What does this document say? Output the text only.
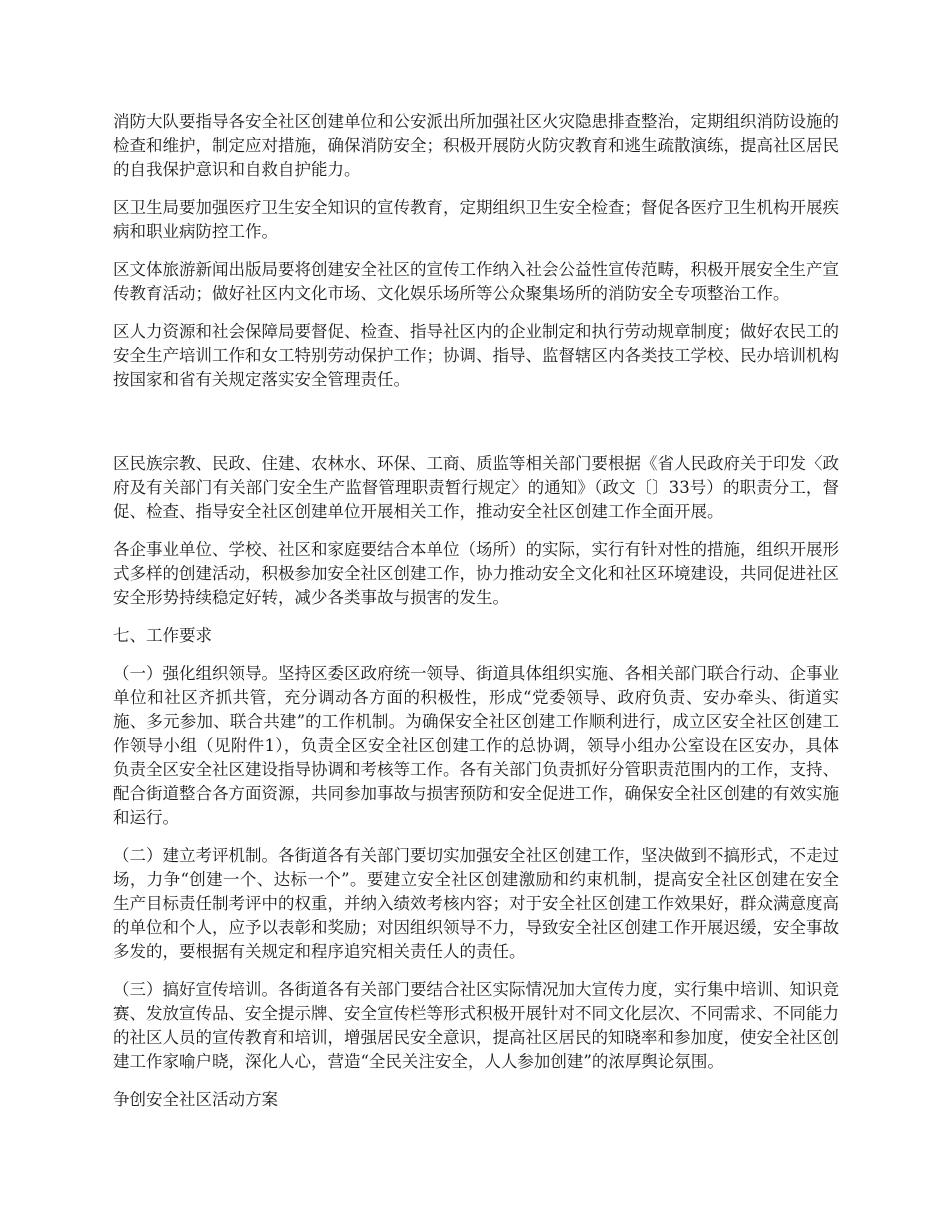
消防大队要指导各安全社区创建单位和公安派出所加强社区火灾隐患排查整治，定期组织消防设施的检查和维护，制定应对措施，确保消防安全；积极开展防火防灾教育和逃生疏散演练，提高社区居民的自我保护意识和自救自护能力。

区卫生局要加强医疗卫生安全知识的宣传教育，定期组织卫生安全检查；督促各医疗卫生机构开展疾病和职业病防控工作。

区文体旅游新闻出版局要将创建安全社区的宣传工作纳入社会公益性宣传范畴，积极开展安全生产宣传教育活动；做好社区内文化市场、文化娱乐场所等公众聚集场所的消防安全专项整治工作。

区人力资源和社会保障局要督促、检查、指导社区内的企业制定和执行劳动规章制度；做好农民工的安全生产培训工作和女工特别劳动保护工作；协调、指导、监督辖区内各类技工学校、民办培训机构按国家和省有关规定落实安全管理责任。

区民族宗教、民政、住建、农林水、环保、工商、质监等相关部门要根据《省人民政府关于印发〈政府及有关部门有关部门安全生产监督管理职责暂行规定〉的通知》（政文〔〕33号）的职责分工，督促、检查、指导安全社区创建单位开展相关工作，推动安全社区创建工作全面开展。

各企事业单位、学校、社区和家庭要结合本单位（场所）的实际，实行有针对性的措施，组织开展形式多样的创建活动，积极参加安全社区创建工作，协力推动安全文化和社区环境建设，共同促进社区安全形势持续稳定好转，减少各类事故与损害的发生。

七、工作要求

（一）强化组织领导。坚持区委区政府统一领导、街道具体组织实施、各相关部门联合行动、企事业单位和社区齐抓共管，充分调动各方面的积极性，形成“党委领导、政府负责、安办牵头、街道实施、多元参加、联合共建”的工作机制。为确保安全社区创建工作顺利进行，成立区安全社区创建工作领导小组（见附件1），负责全区安全社区创建工作的总协调，领导小组办公室设在区安办，具体负责全区安全社区建设指导协调和考核等工作。各有关部门负责抓好分管职责范围内的工作，支持、配合街道整合各方面资源，共同参加事故与损害预防和安全促进工作，确保安全社区创建的有效实施和运行。

（二）建立考评机制。各街道各有关部门要切实加强安全社区创建工作，坚决做到不搞形式，不走过场，力争“创建一个、达标一个”。要建立安全社区创建激励和约束机制，提高安全社区创建在安全生产目标责任制考评中的权重，并纳入绩效考核内容；对于安全社区创建工作效果好，群众满意度高的单位和个人，应予以表彰和奖励；对因组织领导不力，导致安全社区创建工作开展迟缓，安全事故多发的，要根据有关规定和程序追究相关责任人的责任。

（三）搞好宣传培训。各街道各有关部门要结合社区实际情况加大宣传力度，实行集中培训、知识竞赛、发放宣传品、安全提示牌、安全宣传栏等形式积极开展针对不同文化层次、不同需求、不同能力的社区人员的宣传教育和培训，增强居民安全意识，提高社区居民的知晓率和参加度，使安全社区创建工作家喻户晓，深化人心，营造“全民关注安全，人人参加创建”的浓厚舆论氛围。

争创安全社区活动方案
